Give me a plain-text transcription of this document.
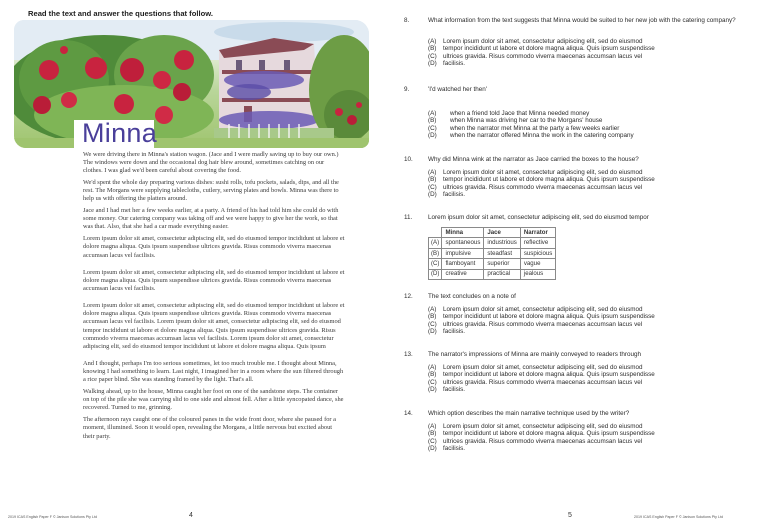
Read the text and answer the questions that follow.
Minna

We were driving there in Minna's station wagon. (Jace and I were madly saving up to buy our own.) The windows were down and the occasional dog hair blew around, sometimes catching on our clothes. I was glad we'd been careful about covering the food.

We'd spent the whole day preparing various dishes: sushi rolls, tofu pockets, salads, dips, and all the rest. The Morgans were supplying tablecloths, cutlery, serving plates and bowls. Minna was there to help us with offering the platters around.

Jace and I had met her a few weeks earlier, at a party. A friend of his had told him she could do with some money. Our catering company was taking off and we were happy to give her the work, so that was that. Also, that she had a car made everything easier.

Lorem ipsum dolor sit amet, consectetur adipiscing elit, sed do eiusmod tempor incididunt ut labore et dolore magna aliqua. Quis ipsum suspendisse ultrices gravida. Risus commodo viverra maecenas accumsan lacus vel facilisis.

Lorem ipsum dolor sit amet, consectetur adipiscing elit, sed do eiusmod tempor incididunt ut labore et dolore magna aliqua. Quis ipsum suspendisse ultrices gravida. Risus commodo viverra maecenas accumsan lacus vel facilisis.

Lorem ipsum dolor sit amet, consectetur adipiscing elit, sed do eiusmod tempor incididunt ut labore et dolore magna aliqua. Quis ipsum suspendisse ultrices gravida. Risus commodo viverra maecenas accumsan lacus vel facilisis. Lorem ipsum dolor sit amet, consectetur adipiscing elit, sed do eiusmod tempor incididunt ut labore et dolore magna aliqua. Quis ipsum suspendisse ultrices gravida. Risus commodo viverra maecenas accumsan lacus vel facilisis. Lorem ipsum dolor sit amet, consectetur adipiscing elit, sed do eiusmod tempor incididunt ut labore et dolore magna aliqua. Quis ipsum

And I thought, perhaps I'm too serious sometimes, let too much trouble me. I thought about Minna, knowing I had something to learn. Last night, I imagined her in a room where the sun filtered through a rice paper blind. She was standing framed by the light. That's all.

Walking ahead, up to the house, Minna caught her foot on one of the sandstone steps. The container on top of the pile she was carrying slid to one side and almost fell. After a little syncopated dance, she recovered. Turned to me, grinning.

The afternoon rays caught one of the coloured panes in the wide front door, where she paused for a moment, illumined. Soon it would open, revealing the Morgans, a little nervous but excited about their party.

2019 ICAS English Paper F © Janison Solutions Pty Ltd	4
8.	What information from the text suggests that Minna would be suited to her new job with the catering company?
(A)	Lorem ipsum dolor sit amet, consectetur adipiscing elit, sed do eiusmod
(B)	tempor incididunt ut labore et dolore magna aliqua. Quis ipsum suspendisse
(C) ultrices gravida. Risus commodo viverra maecenas accumsan lacus vel
(D) facilisis.
9.	'I'd watched her then'
(A)	when a friend told Jace that Minna needed money
(B)	when Minna was driving her car to the Morgans' house
(C)	when the narrator met Minna at the party a few weeks earlier
(D)	when the narrator offered Minna the work in the catering company
10. Why did Minna wink at the narrator as Jace carried the boxes to the house?
(A)	Lorem ipsum dolor sit amet, consectetur adipiscing elit, sed do eiusmod
(B)	tempor incididunt ut labore et dolore magna aliqua. Quis ipsum suspendisse
(C) ultrices gravida. Risus commodo viverra maecenas accumsan lacus vel
(D) facilisis.
11. Lorem ipsum dolor sit amet, consectetur adipiscing elit, sed do eiusmod tempor
	Minna	Jace	Narrator
(A)	spontaneous	industrious	reflective
(B)	impulsive	steadfast	suspicious
(C)	flamboyant	superior	vague
(D)	creative	practical	jealous
12. The text concludes on a note of
(A)	Lorem ipsum dolor sit amet, consectetur adipiscing elit, sed do eiusmod
(B)	tempor incididunt ut labore et dolore magna aliqua. Quis ipsum suspendisse
(C) ultrices gravida. Risus commodo viverra maecenas accumsan lacus vel
(D) facilisis.
13. The narrator's impressions of Minna are mainly conveyed to readers through
(A)	Lorem ipsum dolor sit amet, consectetur adipiscing elit, sed do eiusmod
(B)	tempor incididunt ut labore et dolore magna aliqua. Quis ipsum suspendisse
(C) ultrices gravida. Risus commodo viverra maecenas accumsan lacus vel
(D) facilisis.
14. Which option describes the main narrative technique used by the writer?
(A)	Lorem ipsum dolor sit amet, consectetur adipiscing elit, sed do eiusmod
(B)	tempor incididunt ut labore et dolore magna aliqua. Quis ipsum suspendisse
(C) ultrices gravida. Risus commodo viverra maecenas accumsan lacus vel
(D) facilisis.
5	2019 ICAS English Paper F © Janison Solutions Pty Ltd
